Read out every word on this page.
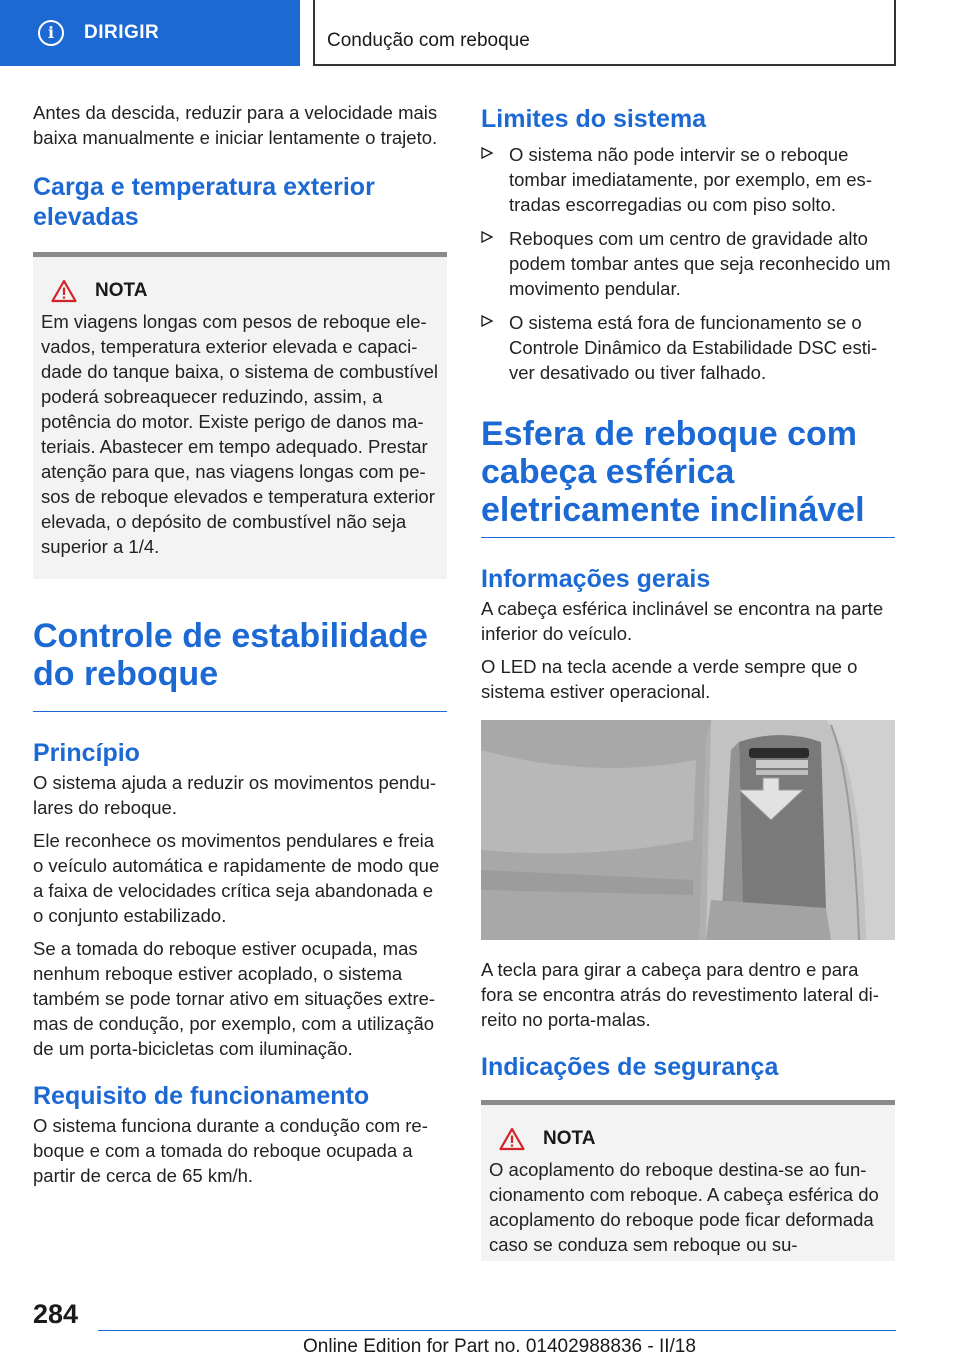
i	DIRIGIR	Condução com reboque

Antes da descida, reduzir para a velocidade mais baixa manualmente e iniciar lentamente o trajeto.

Carga e temperatura exterior elevadas
NOTA

Em viagens longas com pesos de reboque elevados, temperatura exterior elevada e capacidade do tanque baixa, o sistema de combustível poderá sobreaquecer reduzindo, assim, a potência do motor. Existe perigo de danos materiais. Abastecer em tempo adequado. Prestar atenção para que, nas viagens longas com pesos de reboque elevados e temperatura exterior elevada, o depósito de combustível não seja superior a 1/4.

Controle de estabilidade do reboque
Princípio

O sistema ajuda a reduzir os movimentos pendulares do reboque.

Ele reconhece os movimentos pendulares e freia o veículo automática e rapidamente de modo que a faixa de velocidades crítica seja abandonada e o conjunto estabilizado.

Se a tomada do reboque estiver ocupada, mas nenhum reboque estiver acoplado, o sistema também se pode tornar ativo em situações extremas de condução, por exemplo, com a utilização de um porta-bicicletas com iluminação.

Requisito de funcionamento

O sistema funciona durante a condução com reboque e com a tomada do reboque ocupada a partir de cerca de 65 km/h.

Limites do sistema
O sistema não pode intervir se o reboque tombar imediatamente, por exemplo, em estradas escorregadias ou com piso solto.
Reboques com um centro de gravidade alto podem tombar antes que seja reconhecido um movimento pendular.
O sistema está fora de funcionamento se o Controle Dinâmico da Estabilidade DSC estiver desativado ou tiver falhado.
Esfera de reboque com cabeça esférica eletricamente inclinável
Informações gerais

A cabeça esférica inclinável se encontra na parte inferior do veículo.

O LED na tecla acende a verde sempre que o sistema estiver operacional.

A tecla para girar a cabeça para dentro e para fora se encontra atrás do revestimento lateral direito no porta-malas.

Indicações de segurança
NOTA

O acoplamento do reboque destina-se ao funcionamento com reboque. A cabeça esférica do acoplamento do reboque pode ficar deformada caso se conduza sem reboque ou su-

284
Online Edition for Part no. 01402988836 - II/18
